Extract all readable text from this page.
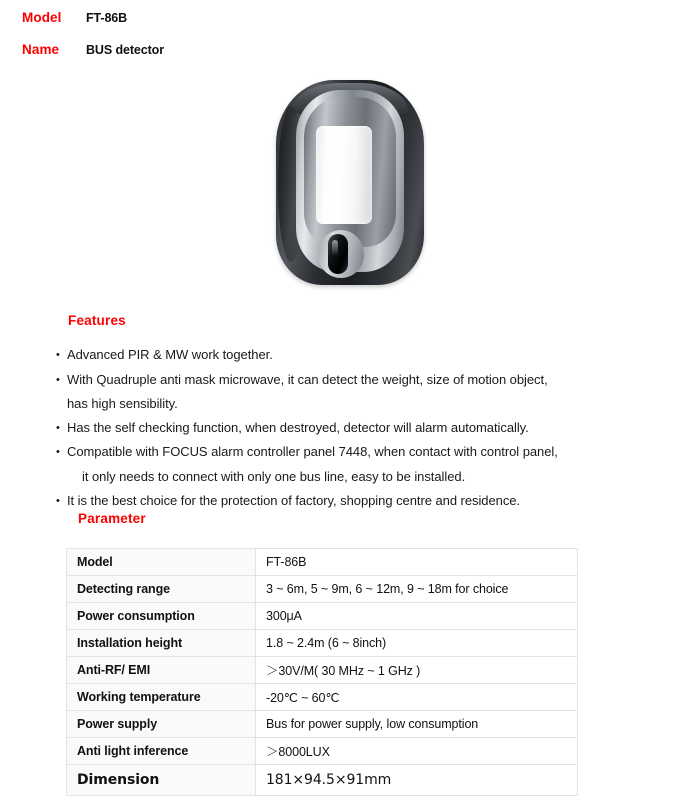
Model	FT-86B
Name	BUS detector
Features
• Advanced PIR & MW work together.
• With Quadruple anti mask microwave, it can detect the weight, size of motion object,
has high sensibility.
• Has the self checking function, when destroyed, detector will alarm automatically.
• Compatible with FOCUS alarm controller panel 7448, when contact with control panel,
it only needs to connect with only one bus line, easy to be installed.
• It is the best choice for the protection of factory, shopping centre and residence.
Parameter
Model	FT-86B
Detecting range	3 ~ 6m, 5 ~ 9m, 6 ~ 12m, 9 ~ 18m for choice
Power consumption	300μA
Installation height	1.8 ~ 2.4m (6 ~ 8inch)
Anti-RF/ EMI	＞30V/M( 30 MHz ~ 1 GHz )
Working temperature	-20℃ ~ 60℃
Power supply	Bus for power supply, low consumption
Anti light inference	＞8000LUX
Dimension	181×94.5×91mm
